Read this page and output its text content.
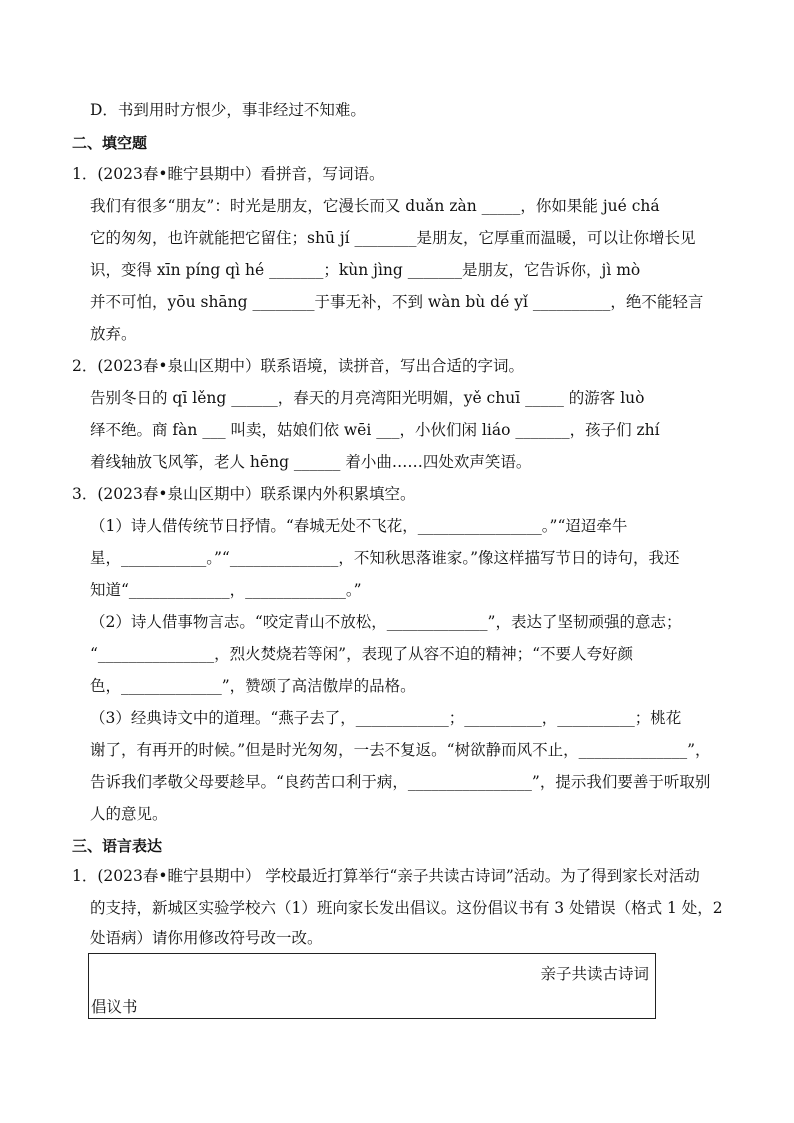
D．书到用时方恨少，事非经过不知难。
二、填空题
1．(2023春•睢宁县期中）看拼音，写词语。
我们有很多“朋友”：时光是朋友，它漫长而又 duǎn zàn _____，你如果能 jué chá
它的匆匆，也许就能把它留住；shū jí ________是朋友，它厚重而温暖，可以让你增长见
识，变得 xīn píng qì hé _______；kùn jìng _______是朋友，它告诉你，jì mò
并不可怕，yōu shāng ________于事无补，不到 wàn bù dé yǐ __________，绝不能轻言
放弃。
2．(2023春•泉山区期中）联系语境，读拼音，写出合适的字词。
告别冬日的 qī lěng ______，春天的月亮湾阳光明媚，yě chuī _____ 的游客 luò
绎不绝。商 fàn ___ 叫卖，姑娘们依 wēi ___，小伙们闲 liáo _______，孩子们 zhí
着线轴放飞风筝，老人 hēng ______ 着小曲……四处欢声笑语。
3．(2023春•泉山区期中）联系课内外积累填空。
（1）诗人借传统节日抒情。“春城无处不飞花，________________。”“迢迢牵牛
星，___________。”“______________，不知秋思落谁家。”像这样描写节日的诗句，我还
知道“_____________，_____________。”
（2）诗人借事物言志。“咬定青山不放松，_____________”，表达了坚韧顽强的意志；
“_______________，烈火焚烧若等闲”，表现了从容不迫的精神；“不要人夸好颜
色，_____________”，赞颂了高洁傲岸的品格。
（3）经典诗文中的道理。“燕子去了，____________；__________，__________；桃花
谢了，有再开的时候。”但是时光匆匆，一去不复返。“树欲静而风不止，______________”，
告诉我们孝敬父母要趁早。“良药苦口利于病，________________”，提示我们要善于听取别
人的意见。
三、语言表达
1．(2023春•睢宁县期中） 学校最近打算举行“亲子共读古诗词”活动。为了得到家长对活动
的支持，新城区实验学校六（1）班向家长发出倡议。这份倡议书有 3 处错误（格式 1 处，2
处语病）请你用修改符号改一改。
亲子共读古诗词
倡议书
